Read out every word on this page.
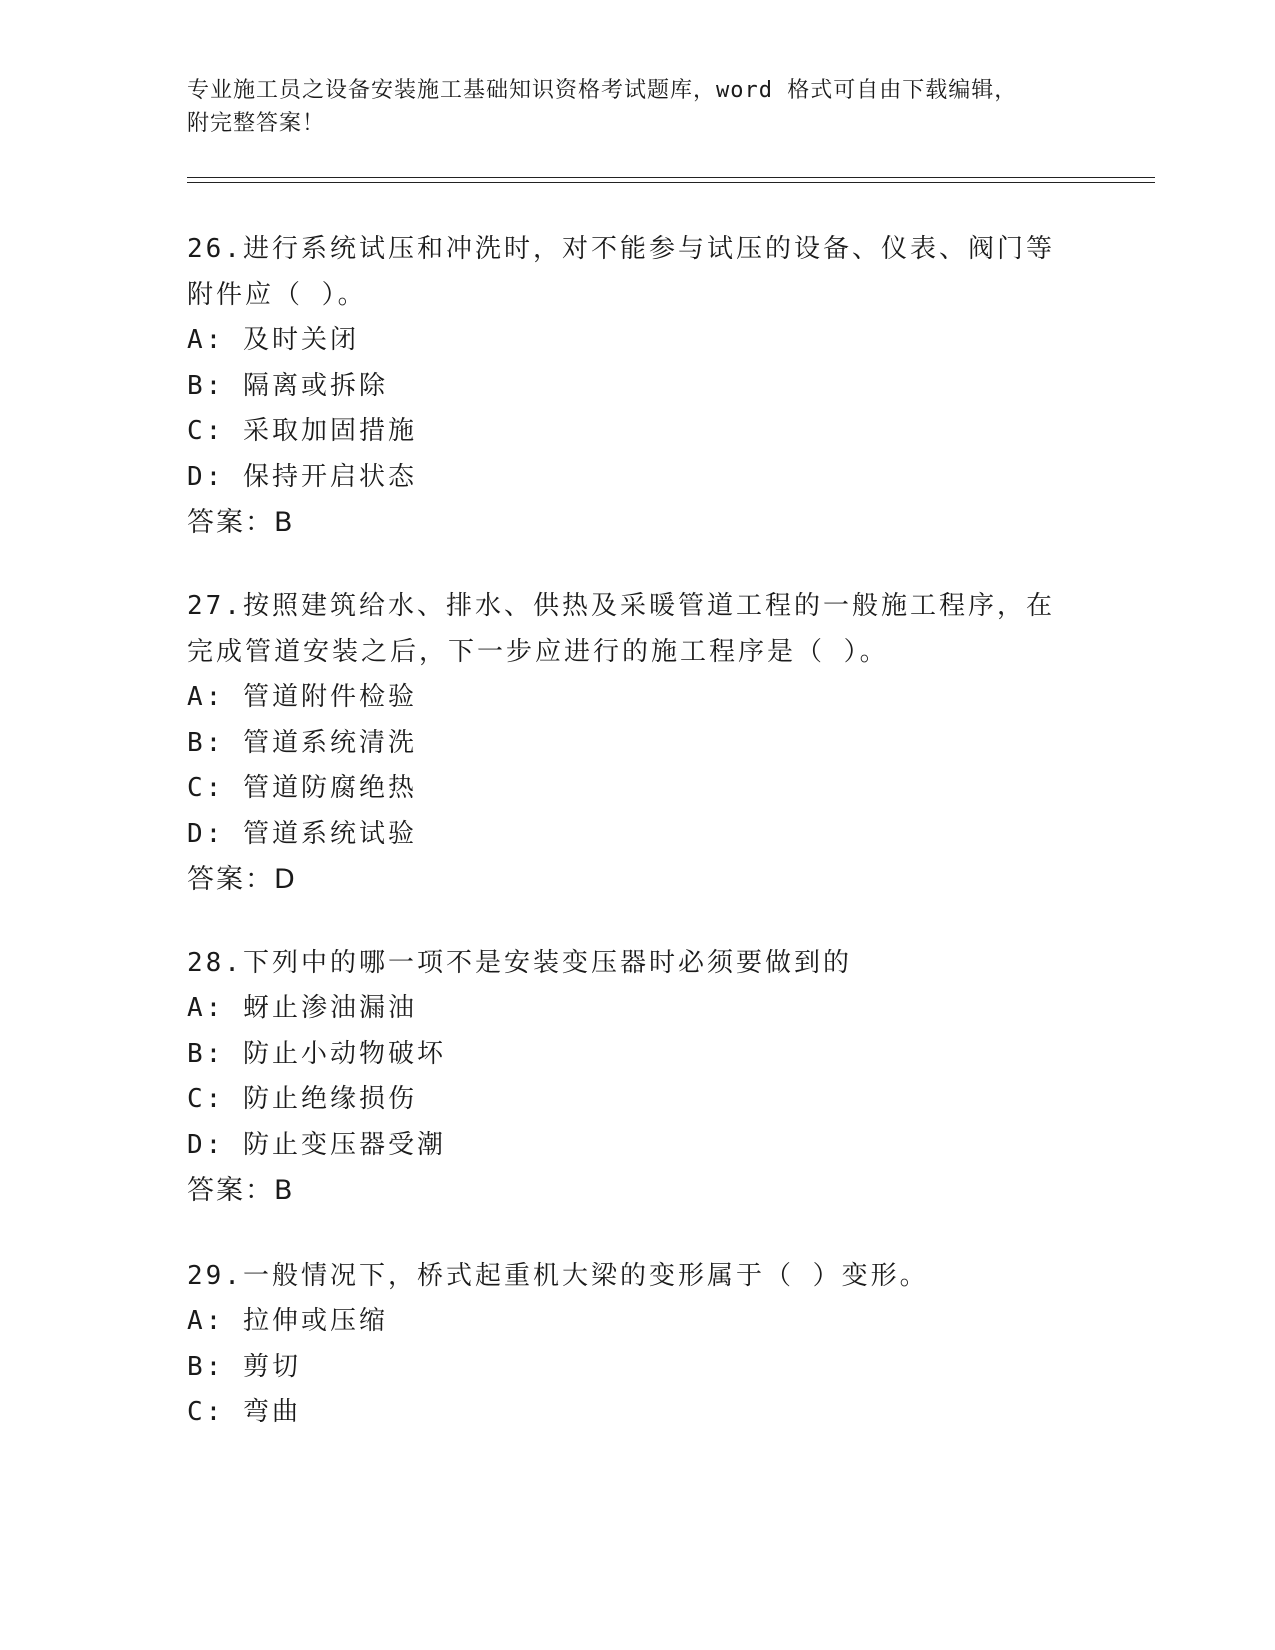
专业施工员之设备安装施工基础知识资格考试题库，word 格式可自由下载编辑，
附完整答案！

26.进行系统试压和冲洗时，对不能参与试压的设备、仪表、阀门等附件应（ ）。

A: 及时关闭
B: 隔离或拆除
C: 采取加固措施
D: 保持开启状态
答案：B

27.按照建筑给水、排水、供热及采暖管道工程的一般施工程序，在完成管道安装之后，下一步应进行的施工程序是（ ）。

A: 管道附件检验
B: 管道系统清洗
C: 管道防腐绝热
D: 管道系统试验
答案：D

28.下列中的哪一项不是安装变压器时必须要做到的

A: 蚜止渗油漏油
B: 防止小动物破坏
C: 防止绝缘损伤
D: 防止变压器受潮
答案：B

29.一般情况下，桥式起重机大梁的变形属于（ ）变形。

A: 拉伸或压缩
B: 剪切
C: 弯曲
